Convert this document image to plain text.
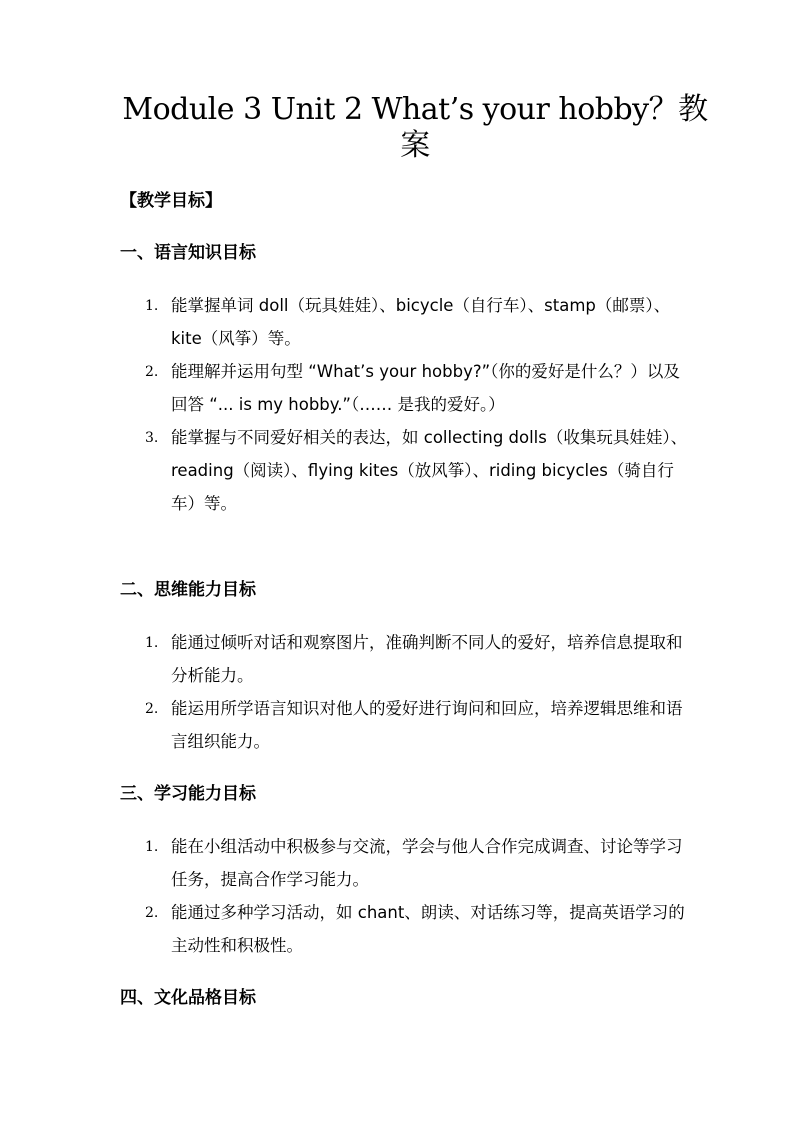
Module 3 Unit 2 What’s your hobby？教案
【教学目标】
一、语言知识目标
1. 能掌握单词 doll（玩具娃娃）、bicycle（自行车）、stamp（邮票）、kite（风筝）等。
2. 能理解并运用句型 “What’s your hobby?”（你的爱好是什么？）以及回答 “... is my hobby.”（…… 是我的爱好。）
3. 能掌握与不同爱好相关的表达，如 collecting dolls（收集玩具娃娃）、reading（阅读）、flying kites（放风筝）、riding bicycles（骑自行车）等。
二、思维能力目标
1. 能通过倾听对话和观察图片，准确判断不同人的爱好，培养信息提取和分析能力。
2. 能运用所学语言知识对他人的爱好进行询问和回应，培养逻辑思维和语言组织能力。
三、学习能力目标
1. 能在小组活动中积极参与交流，学会与他人合作完成调查、讨论等学习任务，提高合作学习能力。
2. 能通过多种学习活动，如 chant、朗读、对话练习等，提高英语学习的主动性和积极性。
四、文化品格目标
